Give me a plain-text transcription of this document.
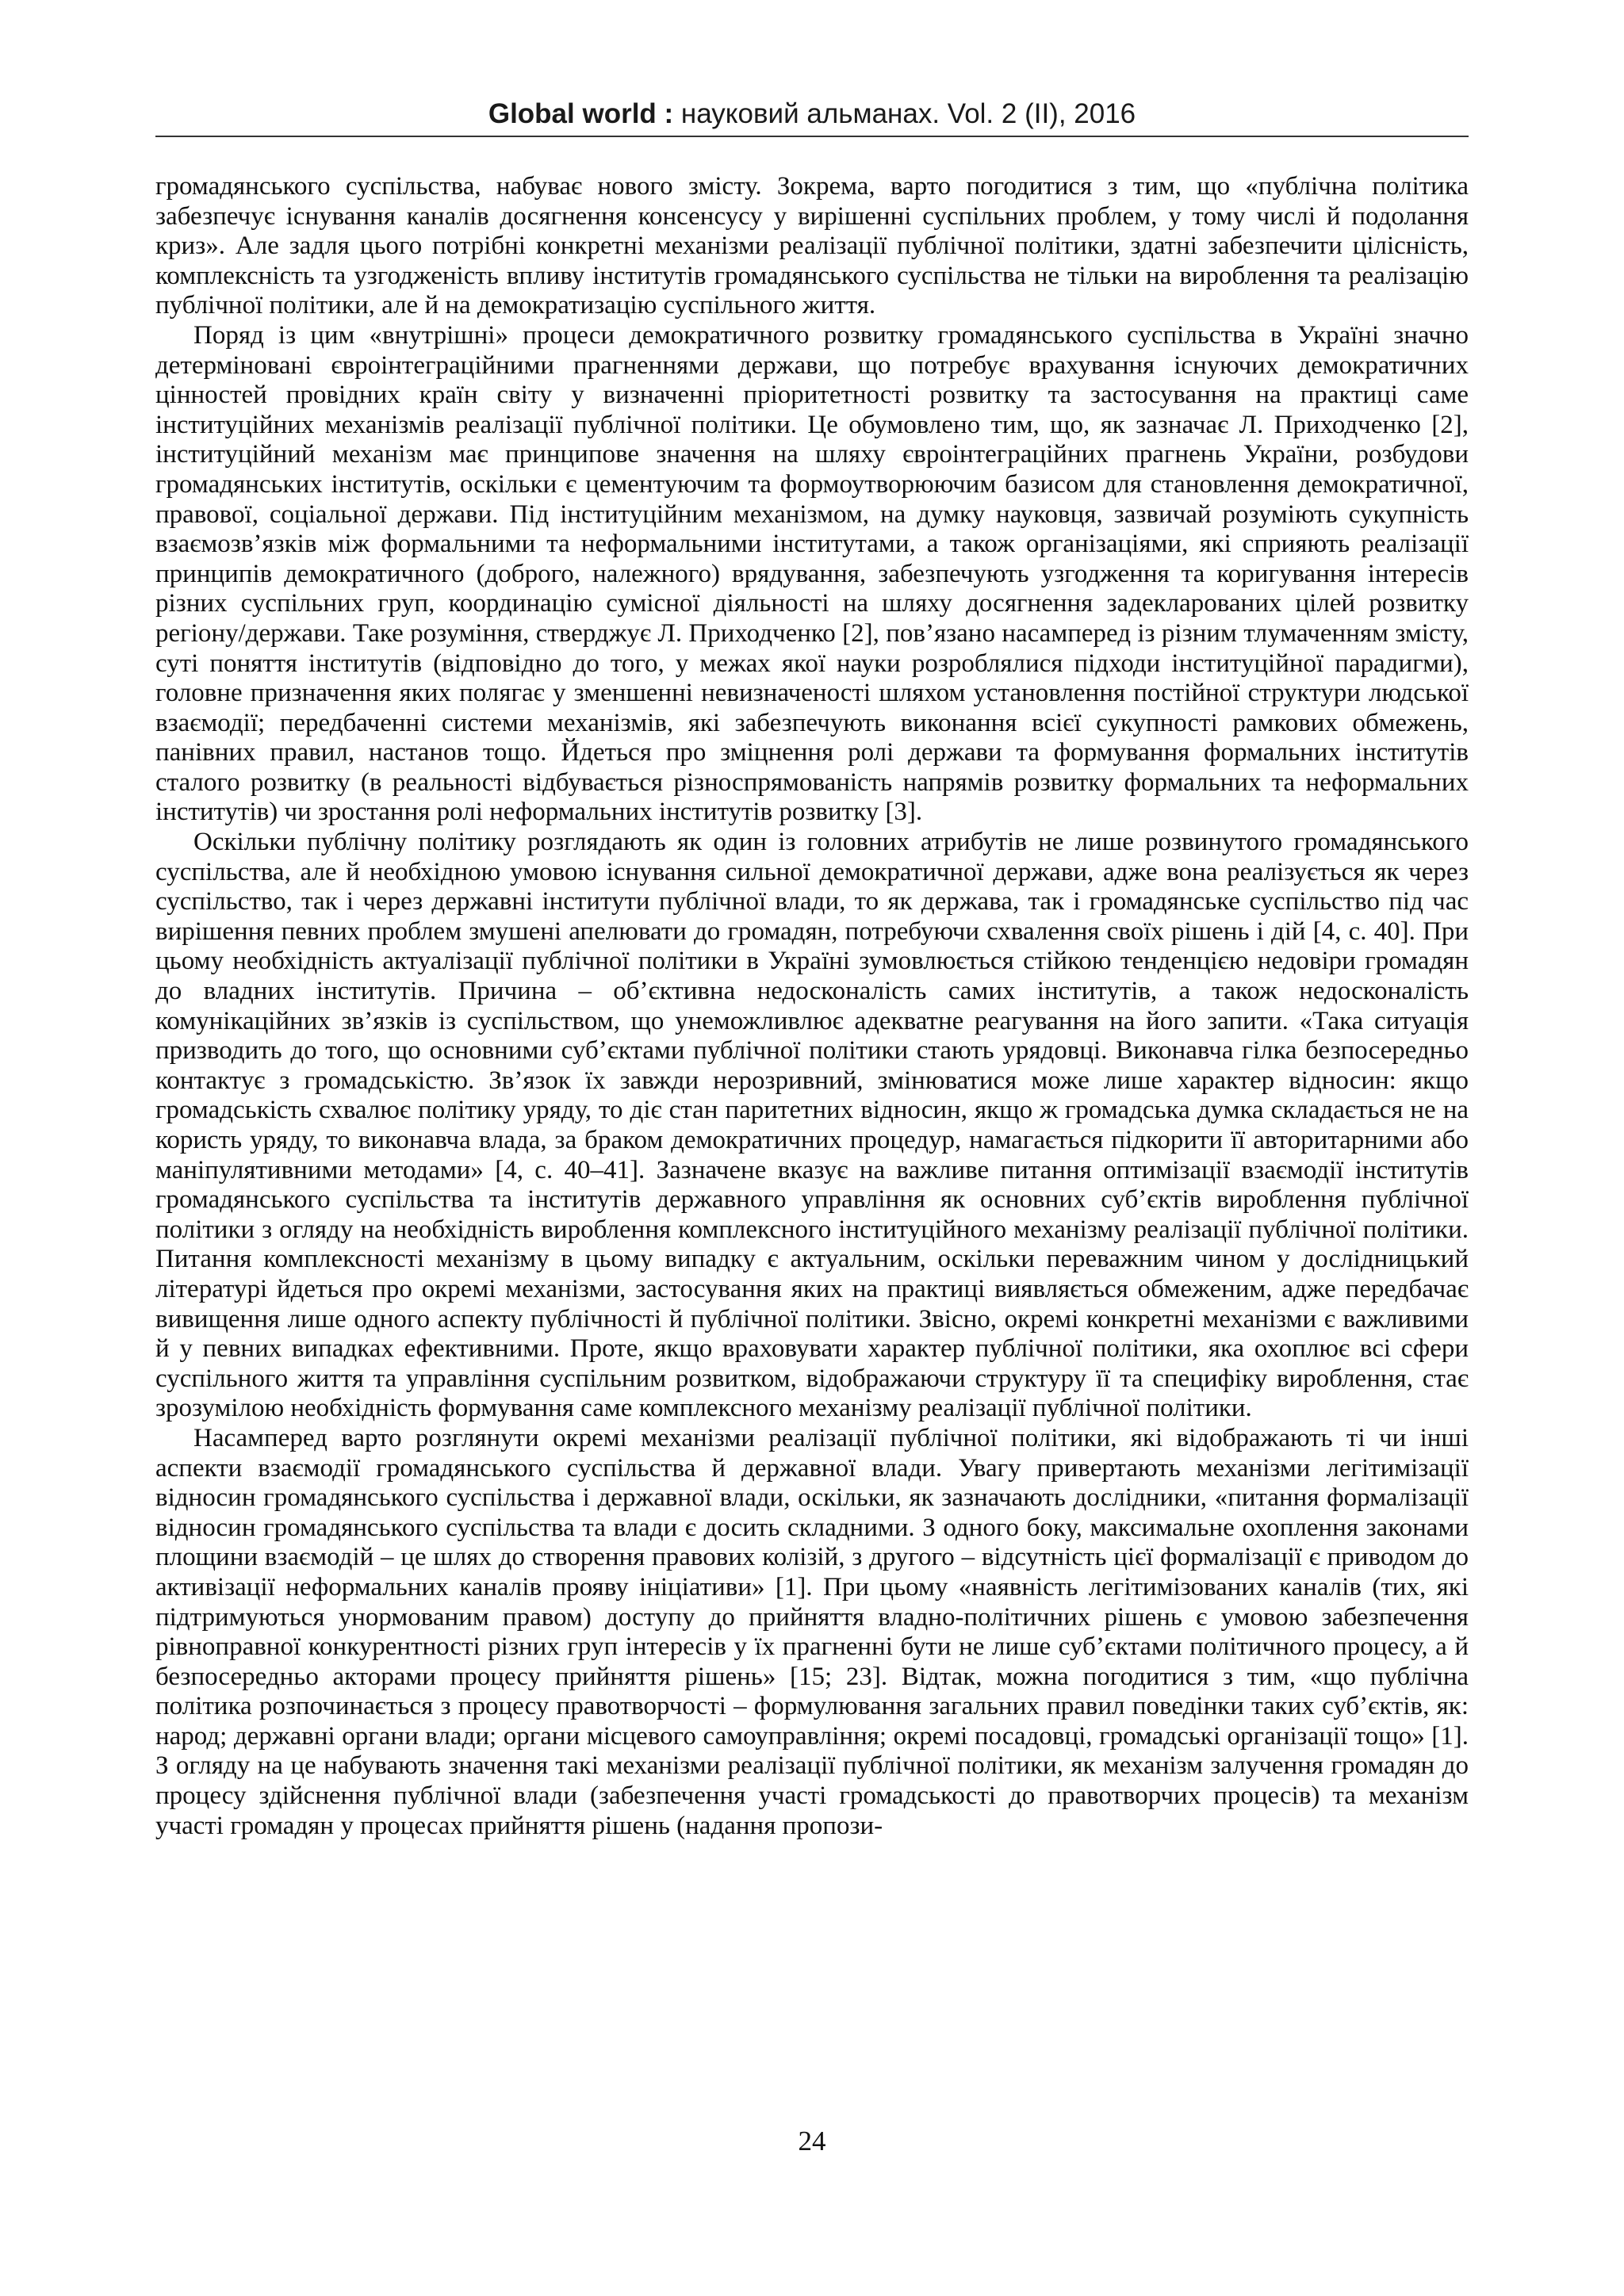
Global world : науковий альманах. Vol. 2 (II), 2016

громадянського суспільства, набуває нового змісту. Зокрема, варто погодитися з тим, що «публічна політика забезпечує існування каналів досягнення консенсусу у вирішенні суспільних проблем, у тому числі й подолання криз». Але задля цього потрібні конкретні механізми реалізації публічної політики, здатні забезпечити цілісність, комплексність та узгодженість впливу інститутів громадянського суспільства не тільки на вироблення та реалізацію публічної політики, але й на демократизацію суспільного життя.

Поряд із цим «внутрішні» процеси демократичного розвитку громадянського суспільства в Україні значно детерміновані євроінтеграційними прагненнями держави, що потребує врахування існуючих демократичних цінностей провідних країн світу у визначенні пріоритетності розвитку та застосування на практиці саме інституційних механізмів реалізації публічної політики. Це обумовлено тим, що, як зазначає Л. Приходченко [2], інституційний механізм має принципове значення на шляху євроінтеграційних прагнень України, розбудови громадянських інститутів, оскільки є цементуючим та формоутворюючим базисом для становлення демократичної, правової, соціальної держави. Під інституційним механізмом, на думку науковця, зазвичай розуміють сукупність взаємозв’язків між формальними та неформальними інститутами, а також організаціями, які сприяють реалізації принципів демократичного (доброго, належного) врядування, забезпечують узгодження та коригування інтересів різних суспільних груп, координацію сумісної діяльності на шляху досягнення задекларованих цілей розвитку регіону/держави. Таке розуміння, стверджує Л. Приходченко [2], пов’язано насамперед із різним тлумаченням змісту, суті поняття інститутів (відповідно до того, у межах якої науки розроблялися підходи інституційної парадигми), головне призначення яких полягає у зменшенні невизначеності шляхом установлення постійної структури людської взаємодії; передбаченні системи механізмів, які забезпечують виконання всієї сукупності рамкових обмежень, панівних правил, настанов тощо. Йдеться про зміцнення ролі держави та формування формальних інститутів сталого розвитку (в реальності відбувається різноспрямованість напрямів розвитку формальних та неформальних інститутів) чи зростання ролі неформальних інститутів розвитку [3].

Оскільки публічну політику розглядають як один із головних атрибутів не лише розвинутого громадянського суспільства, але й необхідною умовою існування сильної демократичної держави, адже вона реалізується як через суспільство, так і через державні інститути публічної влади, то як держава, так і громадянське суспільство під час вирішення певних проблем змушені апелювати до громадян, потребуючи схвалення своїх рішень і дій [4, с. 40]. При цьому необхідність актуалізації публічної політики в Україні зумовлюється стійкою тенденцією недовіри громадян до владних інститутів. Причина – об’єктивна недосконалість самих інститутів, а також недосконалість комунікаційних зв’язків із суспільством, що унеможливлює адекватне реагування на його запити. «Така ситуація призводить до того, що основними суб’єктами публічної політики стають урядовці. Виконавча гілка безпосередньо контактує з громадськістю. Зв’язок їх завжди нерозривний, змінюватися може лише характер відносин: якщо громадськість схвалює політику уряду, то діє стан паритетних відносин, якщо ж громадська думка складається не на користь уряду, то виконавча влада, за браком демократичних процедур, намагається підкорити її авторитарними або маніпулятивними методами» [4, с. 40–41]. Зазначене вказує на важливе питання оптимізації взаємодії інститутів громадянського суспільства та інститутів державного управління як основних суб’єктів вироблення публічної політики з огляду на необхідність вироблення комплексного інституційного механізму реалізації публічної політики. Питання комплексності механізму в цьому випадку є актуальним, оскільки переважним чином у дослідницький літературі йдеться про окремі механізми, застосування яких на практиці виявляється обмеженим, адже передбачає вивищення лише одного аспекту публічності й публічної політики. Звісно, окремі конкретні механізми є важливими й у певних випадках ефективними. Проте, якщо враховувати характер публічної політики, яка охоплює всі сфери суспільного життя та управління суспільним розвитком, відображаючи структуру її та специфіку вироблення, стає зрозумілою необхідність формування саме комплексного механізму реалізації публічної політики.

Насамперед варто розглянути окремі механізми реалізації публічної політики, які відображають ті чи інші аспекти взаємодії громадянського суспільства й державної влади. Увагу привертають механізми легітимізації відносин громадянського суспільства і державної влади, оскільки, як зазначають дослідники, «питання формалізації відносин громадянського суспільства та влади є досить складними. З одного боку, максимальне охоплення законами площини взаємодій – це шлях до створення правових колізій, з другого – відсутність цієї формалізації є приводом до активізації неформальних каналів прояву ініціативи» [1]. При цьому «наявність легітимізованих каналів (тих, які підтримуються унормованим правом) доступу до прийняття владно-політичних рішень є умовою забезпечення рівноправної конкурентності різних груп інтересів у їх прагненні бути не лише суб’єктами політичного процесу, а й безпосередньо акторами процесу прийняття рішень» [15; 23]. Відтак, можна погодитися з тим, «що публічна політика розпочинається з процесу правотворчості – формулювання загальних правил поведінки таких суб’єктів, як: народ; державні органи влади; органи місцевого самоуправління; окремі посадовці, громадські організації тощо» [1]. З огляду на це набувають значення такі механізми реалізації публічної політики, як механізм залучення громадян до процесу здійснення публічної влади (забезпечення участі громадськості до правотворчих процесів) та механізм участі громадян у процесах прийняття рішень (надання пропози-

24
